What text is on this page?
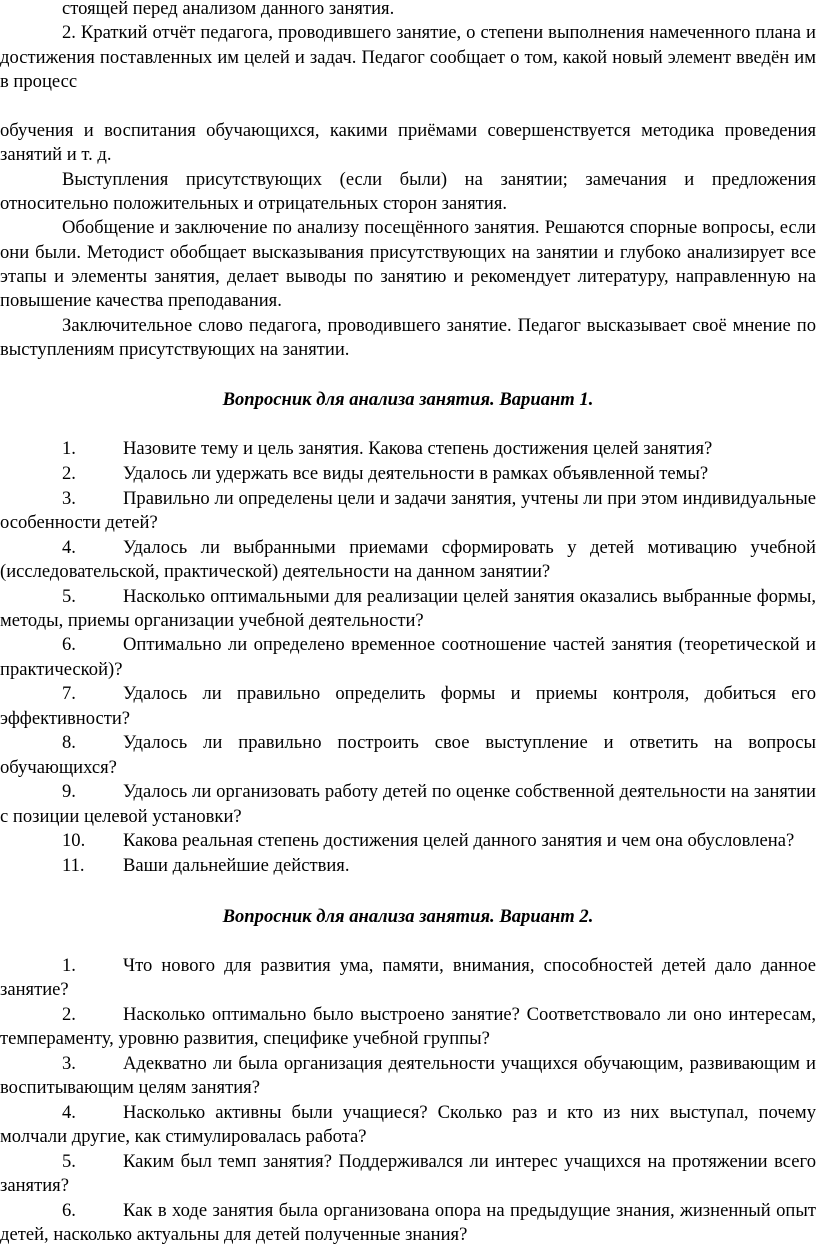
стоящей перед анализом данного занятия.

2. Краткий отчёт педагога, проводившего занятие, о степени выполнения намеченного плана и достижения поставленных им целей и задач. Педагог сообщает о том, какой новый элемент введён им в процесс

обучения и воспитания обучающихся, какими приёмами совершенствуется методика проведения занятий и т. д.

Выступления присутствующих (если были) на занятии; замечания и предложения относительно положительных и отрицательных сторон занятия.

Обобщение и заключение по анализу посещённого занятия. Решаются спорные вопросы, если они были. Методист обобщает высказывания присутствующих на занятии и глубоко анализирует все этапы и элементы занятия, делает выводы по занятию и рекомендует литературу, направленную на повышение качества преподавания.

Заключительное слово педагога, проводившего занятие. Педагог высказывает своё мнение по выступлениям присутствующих на занятии.

Вопросник для анализа занятия. Вариант 1.

1.	Назовите тему и цель занятия. Какова степень достижения целей занятия?

2.	Удалось ли удержать все виды деятельности в рамках объявленной темы?

3.	Правильно ли определены цели и задачи занятия, учтены ли при этом индивидуальные особенности детей?

4.	Удалось ли выбранными приемами сформировать у детей мотивацию учебной (исследовательской, практической) деятельности на данном занятии?

5.	Насколько оптимальными для реализации целей занятия оказались выбранные формы, методы, приемы организации учебной деятельности?

6.	Оптимально ли определено временное соотношение частей занятия (теоретической и практической)?

7.	Удалось ли правильно определить формы и приемы контроля, добиться его эффективности?

8.	Удалось ли правильно построить свое выступление и ответить на вопросы обучающихся?

9.	Удалось ли организовать работу детей по оценке собственной деятельности на занятии с позиции целевой установки?

10. Какова реальная степень достижения целей данного занятия и чем она обусловлена?

11. Ваши дальнейшие действия.

Вопросник для анализа занятия. Вариант 2.

1.	Что нового для развития ума, памяти, внимания, способностей детей дало данное занятие?

2.	Насколько оптимально было выстроено занятие? Соответствовало ли оно интересам, темпераменту, уровню развития, специфике учебной группы?

3.	Адекватно ли была организация деятельности учащихся обучающим, развивающим и воспитывающим целям занятия?

4.	Насколько активны были учащиеся? Сколько раз и кто из них выступал, почему молчали другие, как стимулировалась работа?

5.	Каким был темп занятия? Поддерживался ли интерес учащихся на протяжении всего занятия?

6.	Как в ходе занятия была организована опора на предыдущие знания, жизненный опыт детей, насколько актуальны для детей полученные знания?
